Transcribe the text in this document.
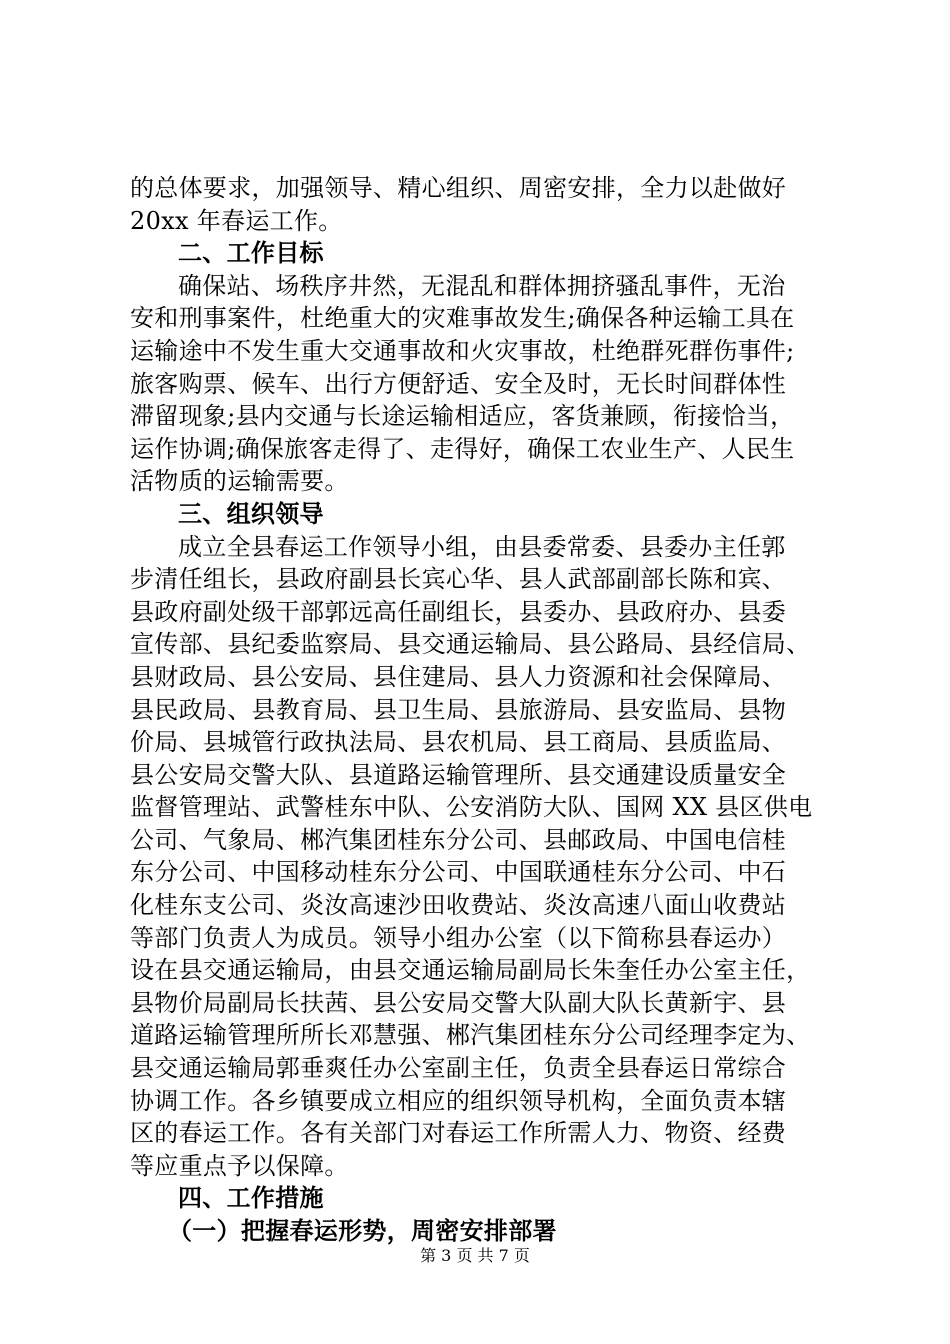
的总体要求，加强领导、精心组织、周密安排，全力以赴做好
20xx 年春运工作。
二、工作目标
确保站、场秩序井然，无混乱和群体拥挤骚乱事件，无治
安和刑事案件，杜绝重大的灾难事故发生;确保各种运输工具在
运输途中不发生重大交通事故和火灾事故，杜绝群死群伤事件;
旅客购票、候车、出行方便舒适、安全及时，无长时间群体性
滞留现象;县内交通与长途运输相适应，客货兼顾，衔接恰当，
运作协调;确保旅客走得了、走得好，确保工农业生产、人民生
活物质的运输需要。
三、组织领导
成立全县春运工作领导小组，由县委常委、县委办主任郭
步清任组长，县政府副县长宾心华、县人武部副部长陈和宾、
县政府副处级干部郭远高任副组长，县委办、县政府办、县委
宣传部、县纪委监察局、县交通运输局、县公路局、县经信局、
县财政局、县公安局、县住建局、县人力资源和社会保障局、
县民政局、县教育局、县卫生局、县旅游局、县安监局、县物
价局、县城管行政执法局、县农机局、县工商局、县质监局、
县公安局交警大队、县道路运输管理所、县交通建设质量安全
监督管理站、武警桂东中队、公安消防大队、国网 XX 县区供电
公司、气象局、郴汽集团桂东分公司、县邮政局、中国电信桂
东分公司、中国移动桂东分公司、中国联通桂东分公司、中石
化桂东支公司、炎汝高速沙田收费站、炎汝高速八面山收费站
等部门负责人为成员。领导小组办公室（以下简称县春运办）
设在县交通运输局，由县交通运输局副局长朱奎任办公室主任，
县物价局副局长扶茜、县公安局交警大队副大队长黄新宇、县
道路运输管理所所长邓慧强、郴汽集团桂东分公司经理李定为、
县交通运输局郭垂爽任办公室副主任，负责全县春运日常综合
协调工作。各乡镇要成立相应的组织领导机构，全面负责本辖
区的春运工作。各有关部门对春运工作所需人力、物资、经费
等应重点予以保障。
四、工作措施
（一）把握春运形势，周密安排部署
第 3 页 共 7 页
